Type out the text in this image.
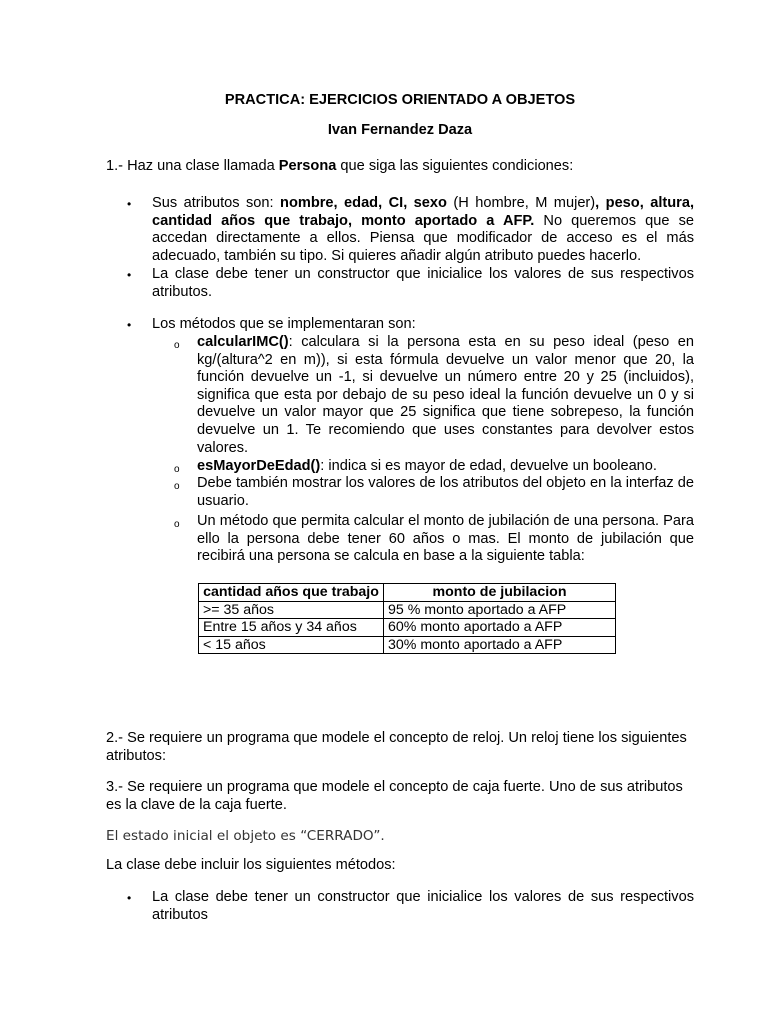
PRACTICA: EJERCICIOS ORIENTADO A OBJETOS

Ivan Fernandez Daza

1.- Haz una clase llamada Persona que siga las siguientes condiciones:

• Sus atributos son: nombre, edad, CI, sexo (H hombre, M mujer), peso, altura, cantidad años que trabajo, monto aportado a AFP. No queremos que se accedan directamente a ellos. Piensa que modificador de acceso es el más adecuado, también su tipo. Si quieres añadir algún atributo puedes hacerlo.

• La clase debe tener un constructor que inicialice los valores de sus respectivos atributos.

• Los métodos que se implementaran son:

o calcularIMC(): calculara si la persona esta en su peso ideal (peso en kg/(altura^2 en m)), si esta fórmula devuelve un valor menor que 20, la función devuelve un -1, si devuelve un número entre 20 y 25 (incluidos), significa que esta por debajo de su peso ideal la función devuelve un 0 y si devuelve un valor mayor que 25 significa que tiene sobrepeso, la función devuelve un 1. Te recomiendo que uses constantes para devolver estos valores.

o esMayorDeEdad(): indica si es mayor de edad, devuelve un booleano.

o Debe también mostrar los valores de los atributos del objeto en la interfaz de usuario.

o Un método que permita calcular el monto de jubilación de una persona. Para ello la persona debe tener 60 años o mas. El monto de jubilación que recibirá una persona se calcula en base a la siguiente tabla:

cantidad años que trabajo	monto de jubilacion
>= 35 años	95 % monto aportado a AFP
Entre 15 años y 34 años	60% monto aportado a AFP
< 15 años	30% monto aportado a AFP

2.- Se requiere un programa que modele el concepto de reloj. Un reloj tiene los siguientes atributos:

3.- Se requiere un programa que modele el concepto de caja fuerte. Uno de sus atributos es la clave de la caja fuerte.

El estado inicial el objeto es “CERRADO”.

La clase debe incluir los siguientes métodos:

• La clase debe tener un constructor que inicialice los valores de sus respectivos atributos
